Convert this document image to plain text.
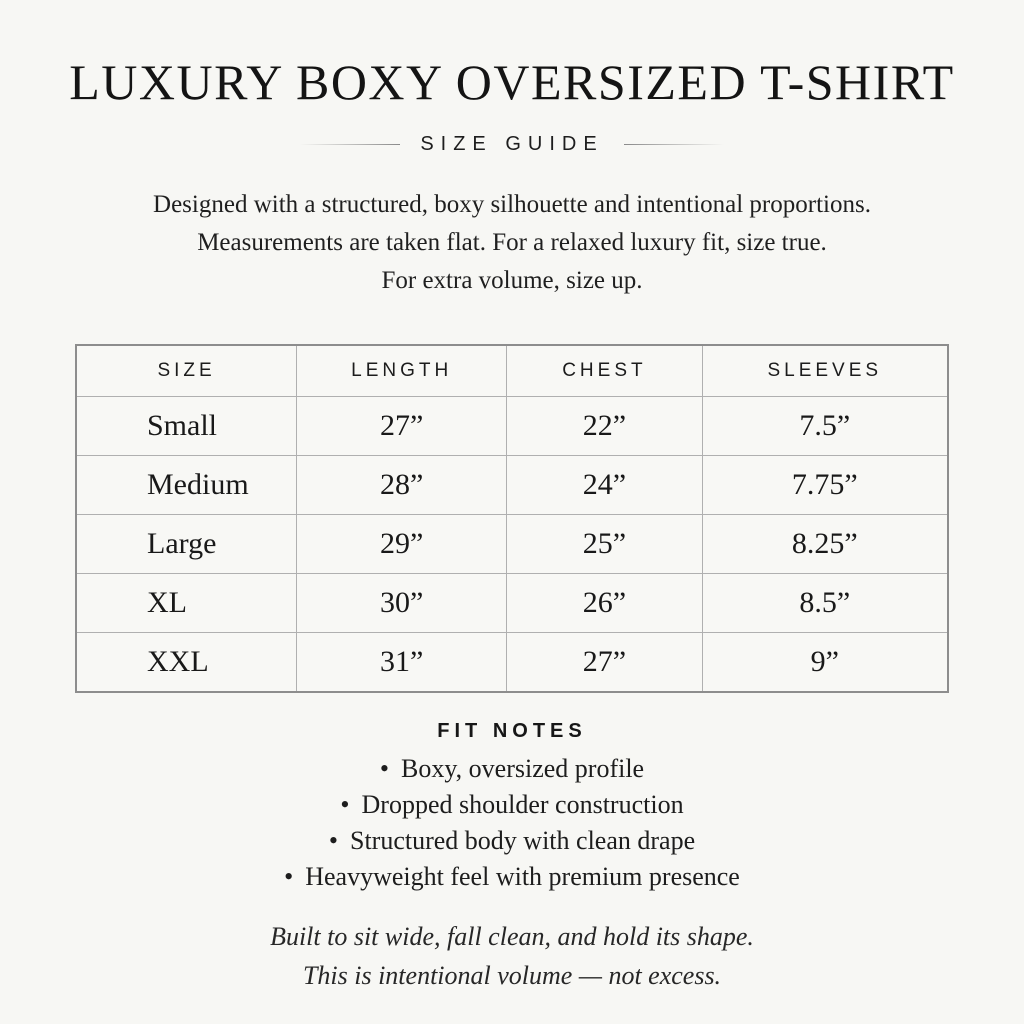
LUXURY BOXY OVERSIZED T-SHIRT
SIZE GUIDE
Designed with a structured, boxy silhouette and intentional proportions.
Measurements are taken flat. For a relaxed luxury fit, size true.
For extra volume, size up.
SIZE	LENGTH	CHEST	SLEEVES
Small	27”	22”	7.5”
Medium	28”	24”	7.75”
Large	29”	25”	8.25”
XL	30”	26”	8.5”
XXL	31”	27”	9”
FIT NOTES
• Boxy, oversized profile
• Dropped shoulder construction
• Structured body with clean drape
• Heavyweight feel with premium presence
Built to sit wide, fall clean, and hold its shape.
This is intentional volume — not excess.
